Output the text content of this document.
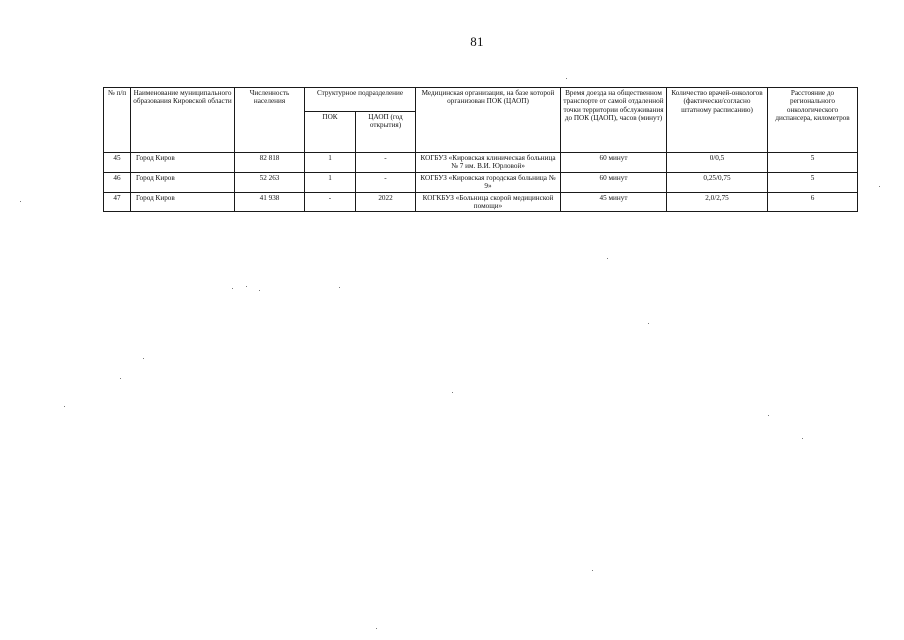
81
№ п/п	Наименование муниципального образования Кировской области	Численность населения	Структурное подразделение		Медицинская организация, на базе которой организован ПОК (ЦАОП)	Время доезда на общественном транспорте от самой отдаленной точки территории обслуживания до ПОК (ЦАОП), часов (минут)	Количество врачей-онкологов (фактически/согласно штатному расписанию)	Расстояние до регионального онкологического диспансера, километров
			ПОК	ЦАОП (год открытия)				
45	Город Киров	82 818	1	-	КОГБУЗ «Кировская клиническая больница № 7 им. В.И. Юрловой»	60 минут	0/0,5	5
46	Город Киров	52 263	1	-	КОГБУЗ «Кировская городская больница № 9»	60 минут	0,25/0,75	5
47	Город Киров	41 938	-	2022	КОГКБУЗ «Больница скорой медицинской помощи»	45 минут	2,0/2,75	6
